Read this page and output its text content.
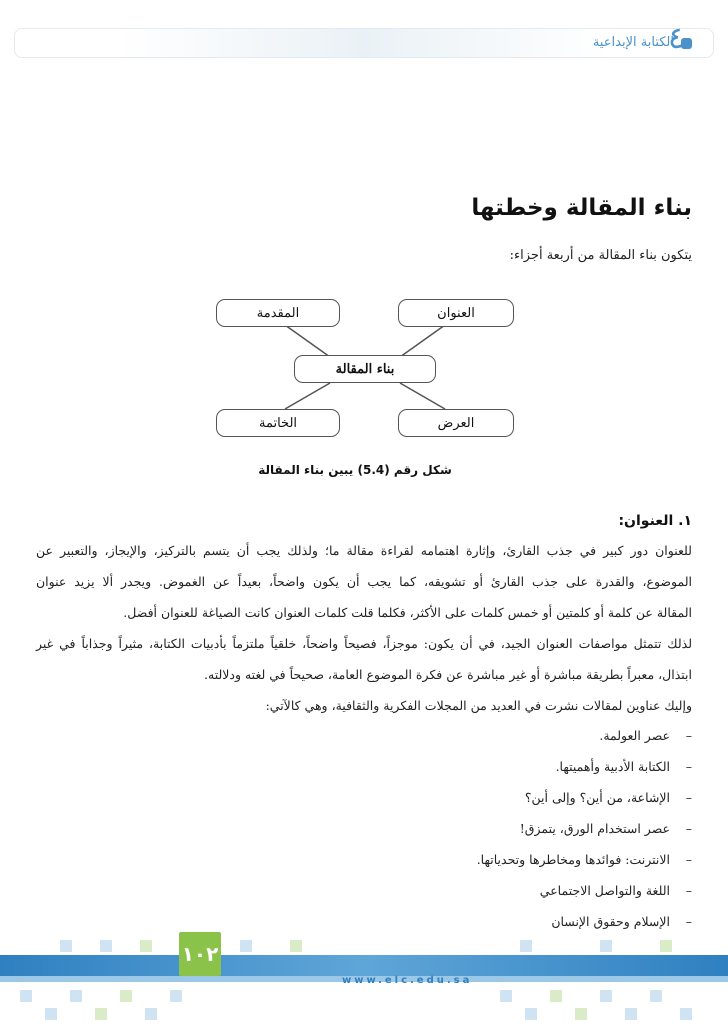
الكتابة الإبداعية
٤
بناء المقالة وخطتها
يتكون بناء المقالة من أربعة أجزاء:
المقدمة	العنوان
بناء المقالة
الخاتمة	العرض
شكل رقم (5.4) يبين بناء المقالة
١. العنوان:
للعنوان دور كبير في جذب القارئ، وإثارة اهتمامه لقراءة مقالة ما؛ ولذلك يجب أن يتسم بالتركيز، والإيجاز، والتعبير عن
الموضوع، والقدرة على جذب القارئ أو تشويقه، كما يجب أن يكون واضحاً، بعيداً عن الغموض. ويجدر ألا يزيد عنوان
المقالة عن كلمة أو كلمتين أو خمس كلمات على الأكثر، فكلما قلت كلمات العنوان كانت الصياغة للعنوان أفضل.
لذلك تتمثل مواصفات العنوان الجيد، في أن يكون: موجزاً، فصيحاً واضحاً، خلقياً ملتزماً بأدبيات الكتابة، مثيراً وجذاباً في غير
ابتذال، معبراً بطريقة مباشرة أو غير مباشرة عن فكرة الموضوع العامة، صحيحاً في لغته ودلالته.
وإليك عناوين لمقالات نشرت في العديد من المجلات الفكرية والثقافية، وهي كالآتي:
–عصر العولمة.
–الكتابة الأدبية وأهميتها.
–الإشاعة، من أين؟ وإلى أين؟
–عصر استخدام الورق، يتمزق!
–الانترنت: فوائدها ومخاطرها وتحدياتها.
–اللغة والتواصل الاجتماعي
–الإسلام وحقوق الإنسان
١٠٢
www.elc.edu.sa
